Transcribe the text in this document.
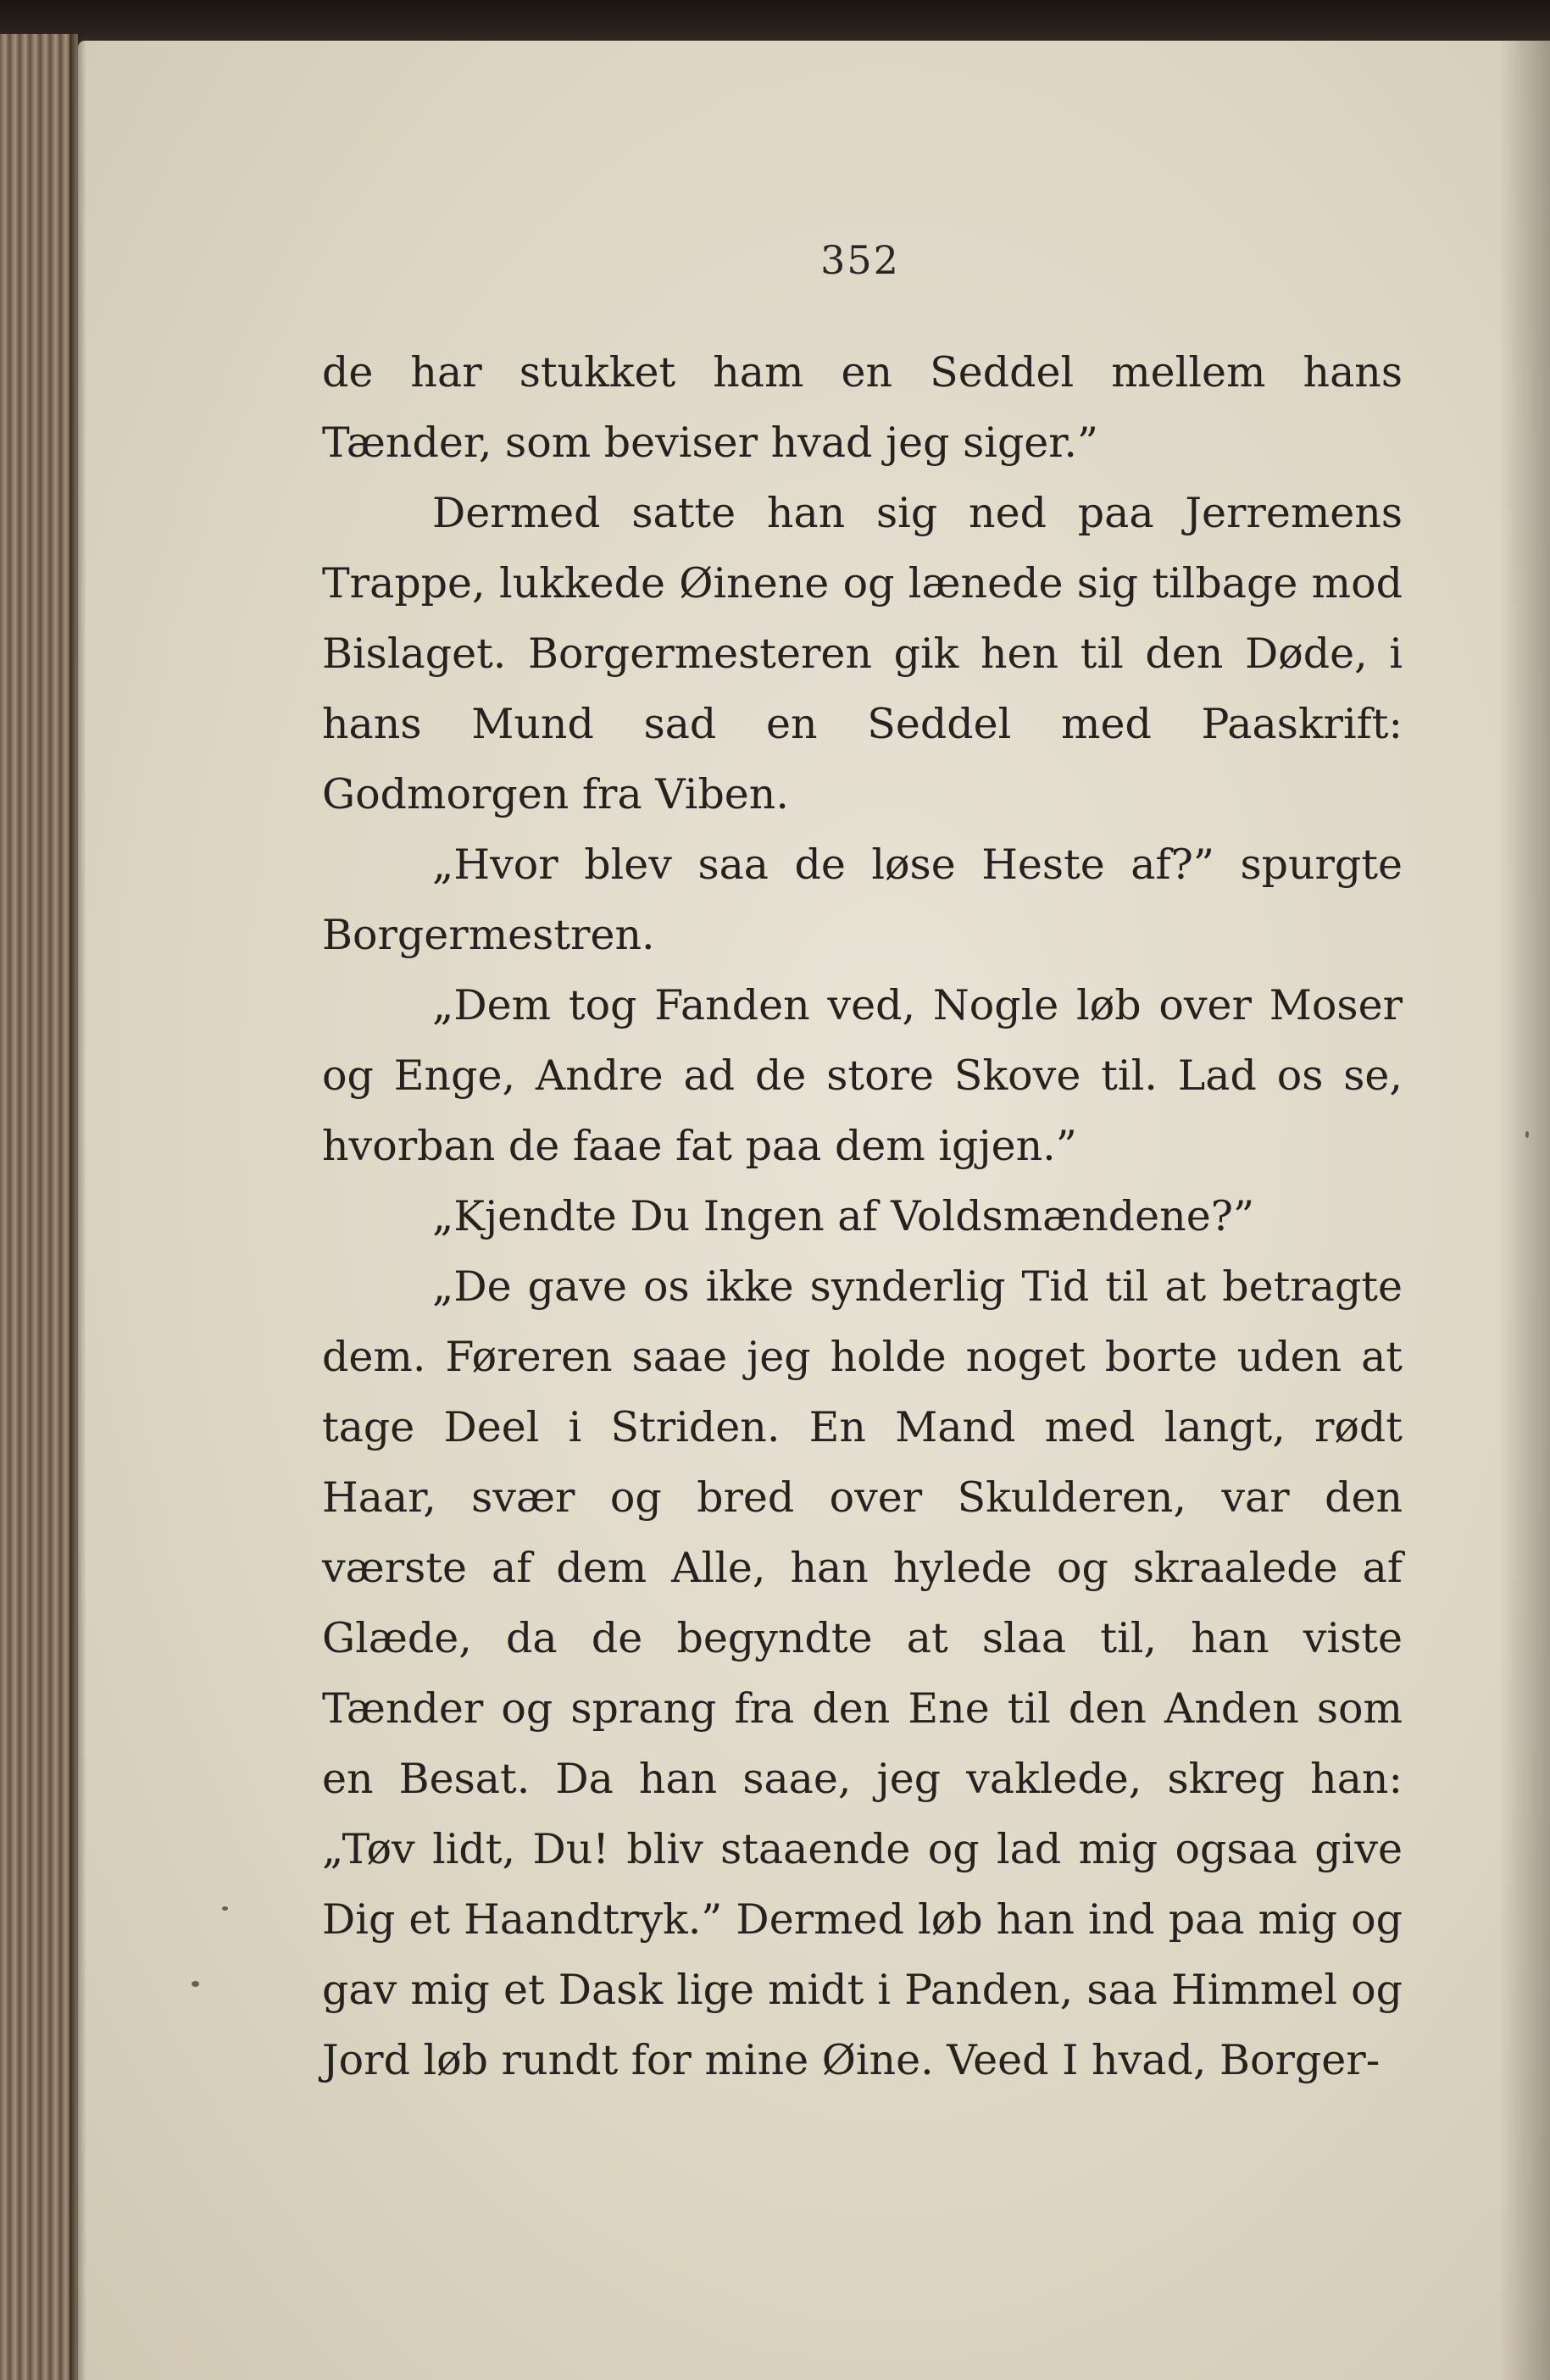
352

de har stukket ham en Seddel mellem hans Tænder, som beviser hvad jeg siger.”

Dermed satte han sig ned paa Jerremens Trappe, lukkede Øinene og lænede sig tilbage mod Bislaget. Borgermesteren gik hen til den Døde, i hans Mund sad en Seddel med Paaskrift: Godmorgen fra Viben.

„Hvor blev saa de løse Heste af?” spurgte Borgermestren.

„Dem tog Fanden ved, Nogle løb over Moser og Enge, Andre ad de store Skove til. Lad os se, hvorban de faae fat paa dem igjen.”

„Kjendte Du Ingen af Voldsmændene?”

„De gave os ikke synderlig Tid til at betragte dem. Føreren saae jeg holde noget borte uden at tage Deel i Striden. En Mand med langt, rødt Haar, svær og bred over Skulderen, var den værste af dem Alle, han hylede og skraalede af Glæde, da de begyndte at slaa til, han viste Tænder og sprang fra den Ene til den Anden som en Besat. Da han saae, jeg vaklede, skreg han: „Tøv lidt, Du! bliv staaende og lad mig ogsaa give Dig et Haandtryk.” Dermed løb han ind paa mig og gav mig et Dask lige midt i Panden, saa Himmel og Jord løb rundt for mine Øine. Veed I hvad, Borger-
